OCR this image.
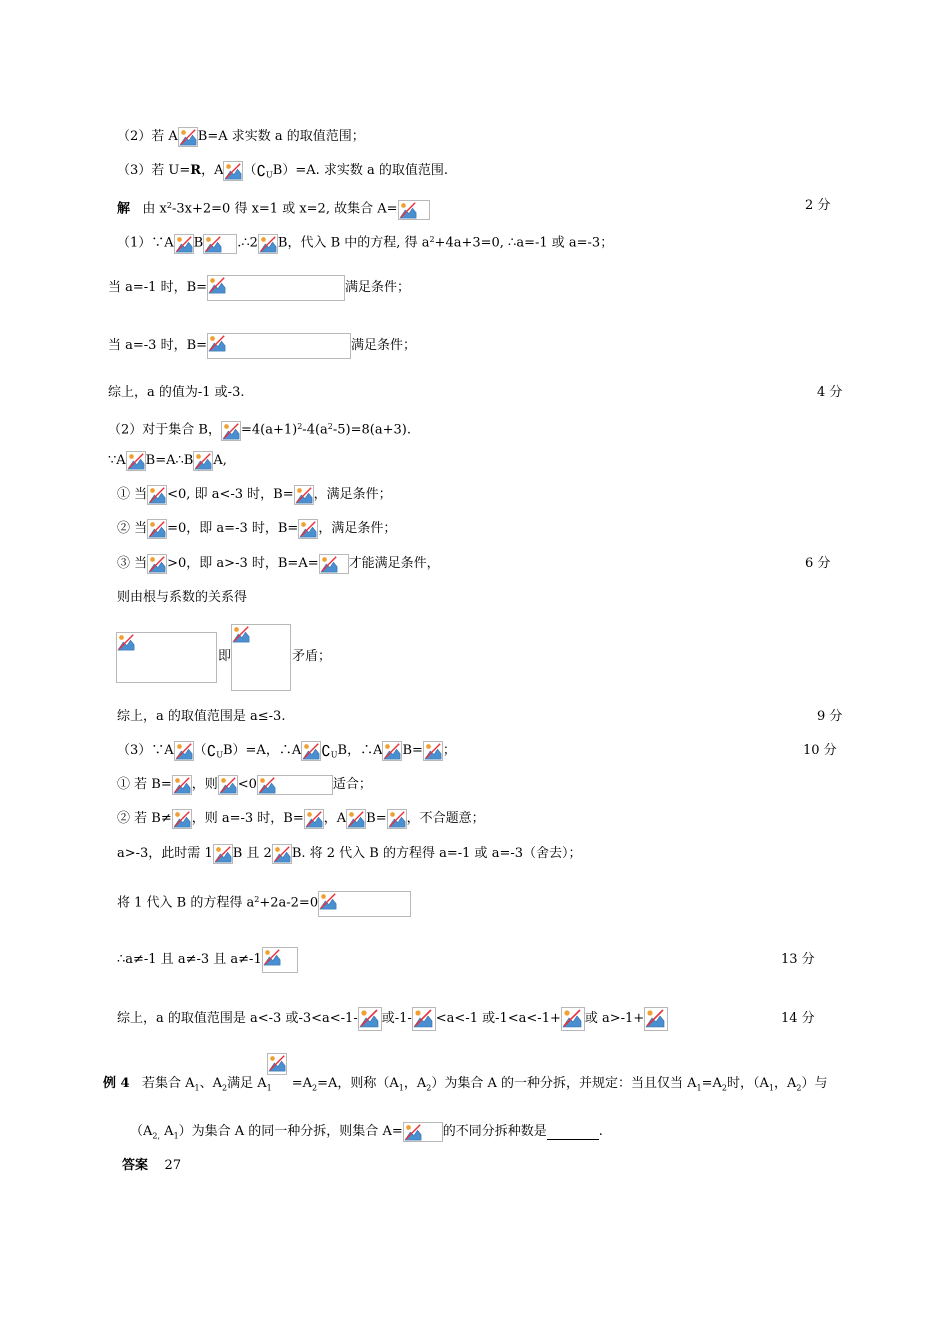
（2）若 A B=A 求实数 a 的取值范围；
（3）若 U=R，A $(∁_UB)=A$. 求实数 a 的取值范围.
解 由 $x^2-3x+2=0$ 得 x=1 或 x=2, 故集合 A=	2 分
（1）∵A B	.∴2 B，代入 B 中的方程, 得 $a^2+4a+3=0$, ∴a=-1 或 a=-3；
当 a=-1 时，B=	满足条件；
当 a=-3 时，B=	满足条件；
综上，a 的值为-1 或-3.	4 分
（2）对于集合 B， $=4(a+1)^2-4(a^2-5)=8(a+3)$.
∵A B=A∴B A,
① 当 <0, 即 a<-3 时，B= ，满足条件；
② 当 =0，即 a=-3 时，B= ，满足条件；
③ 当 >0，即 a>-3 时，B=A= 才能满足条件，	6 分
则由根与系数的关系得
即	矛盾；
综上，a 的取值范围是 a≤-3.	9 分
（3）∵A $(∁_UB)=A$，∴A $∁_UB$，∴A B= ；	10 分
① 若 B= ，则 <0	适合；
② 若 B≠ ，则 a=-3 时，B= ，A B= ，不合题意；
a>-3，此时需 1 B 且 2 B. 将 2 代入 B 的方程得 a=-1 或 a=-3（舍去）；
将 1 代入 B 的方程得 $a^2+2a-2=0$
∴a≠-1 且 a≠-3 且 a≠-1	13 分
综上，a 的取值范围是 a<-3 或-3<a<-1- 或-1- <a<-1 或-1<a<-1+ 或 a>-1+	14 分
例 4 若集合 $A_1$、$A_2$满足 $A_1 =A_2=A$，则称（$A_1$，$A_2$）为集合 A 的一种分拆，并规定：当且仅当 $A_1=A_2$时，（$A_1$，$A_2$）与
（$A_{2,}$ $A_1$）为集合 A 的同一种分拆，则集合 A=	的不同分拆种数是	.
答案 27
